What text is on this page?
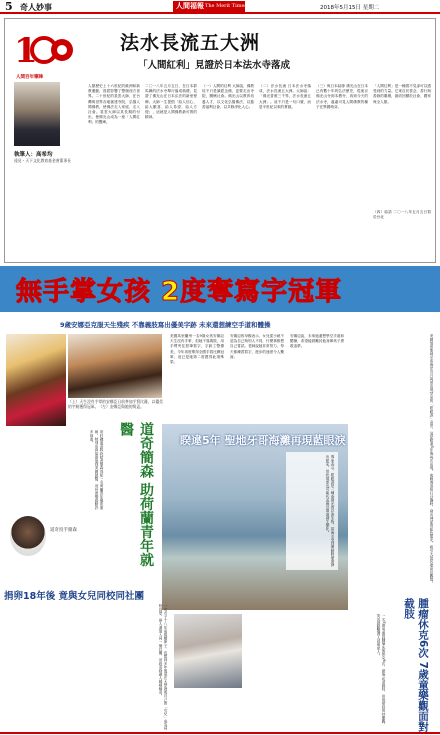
5 奇人妙事	人間福報 The Merit Times	2018年5月15日 星期二
1
人間百年筆陣
法水長流五大洲
「人間紅利」見證於日本法水寺落成
執筆人：高希均
遠見・天下文化教育基金會董事長
人類歷史上十六世紀的歐洲和新教運動，曾經影響了整個西方世界。二十世紀的星雲大師，在台灣與世界各地創建寺院，弘揚人間佛教，使佛法走入家庭、走入社會。星雲大師以其長期的付出，使佛光山成為一座「人間紅利」的寶庫。
二〇一八年五月五日，在日本群馬縣的法水寺舉行落成典禮，見證了佛光山在日本弘法的新里程碑。大師一生提倡「給人信心、給人歡喜、給人希望、給人方便」，這就是人間佛教最可貴的精神。
（一）人間的紅利 大師說，佛教徒不只是讀經念佛，更要走出寺院，關懷社會。佛光山以教育培養人才，以文化弘揚佛法，以慈善福利社會，以共修淨化人心。
（二）法水長流 日本法水寺落成，法水長流五大洲。大師說：「佛光普照三千界，法水長流五大洲」。這不只是一句口號，而是半世紀以來的實踐。
（三）與日本結緣 佛光山在日本已有數十年的弘法歷史，從東京佛光山寺到本栖寺，再到今天的法水寺，處處可見人間佛教的種子在異國萌芽。
「人間紅利」是一種看不見卻可以感受到的力量。它來自於善念、善行與善緣的累積，最終回饋於社會、國家與全人類。
（四）結語 二〇一八年五月五日寫於台北
無手掌女孩 2度奪寫字冠軍
9歲安娜亞克服天生殘疾 不靠義肢寫出優美字跡 未來還想練空手道和體操
（上）天生沒有手掌的安娜亞日前參加手寫比賽，以優美的字跡獲得冠軍。（左）安娜亞與她的獎盃。
美國馬里蘭州一名9歲女孩安娜亞天生沒有手掌，但她不靠義肢，用手臂夾住鉛筆寫字，字跡工整優美，今年再度奪得全國手寫比賽冠軍，這已是她第二度獲得此項殊榮。
安娜亞的母親表示，女兒從小就不認為自己與別人不同，什麼事都想自己嘗試。老師說她非常努力，每天都練習寫字，進步的速度令人驚訝。
安娜亞說，未來她還想學空手道和體操，希望能鼓勵其他身障孩子勇敢追夢。	美國加州聖地牙哥海岸近日再度出現罕見的「藍眼淚」奇景，這是睽違5年後再次出現。夜晚海浪拍打沙灘時，發出神祕的藍色螢光，吸引大批民眾前往觀賞。
洛杉磯道奇隊終結者簡森得知一名荷蘭青年罹患重病，特別出資協助他到美國就醫，這份善舉感動許多球迷。	道奇簡森 助荷蘭青年就醫
睽違5年 聖地牙哥海灘再現藍眼淚
專家表示，藍眼淚是一種會發光的浮游生物，當海水受到擾動時便會發出藍光，但此現象也可能代表海洋環境發生變化。
道奇投手簡森
捐卵18年後 竟與女兒同校同社團
一名女子十八年前捐贈卵子，沒想到多年後竟在大學裡與自己的「女兒」成為同校同學，兩人還加入同一個社團，這段奇緣讓人嘖嘖稱奇。	一名7歲男童因腫瘤先後休克6次，最後必須截肢，但他始終保持樂觀，笑容感動醫護人員與家人。	腫瘤休克6次 7歲童樂觀面對截肢
